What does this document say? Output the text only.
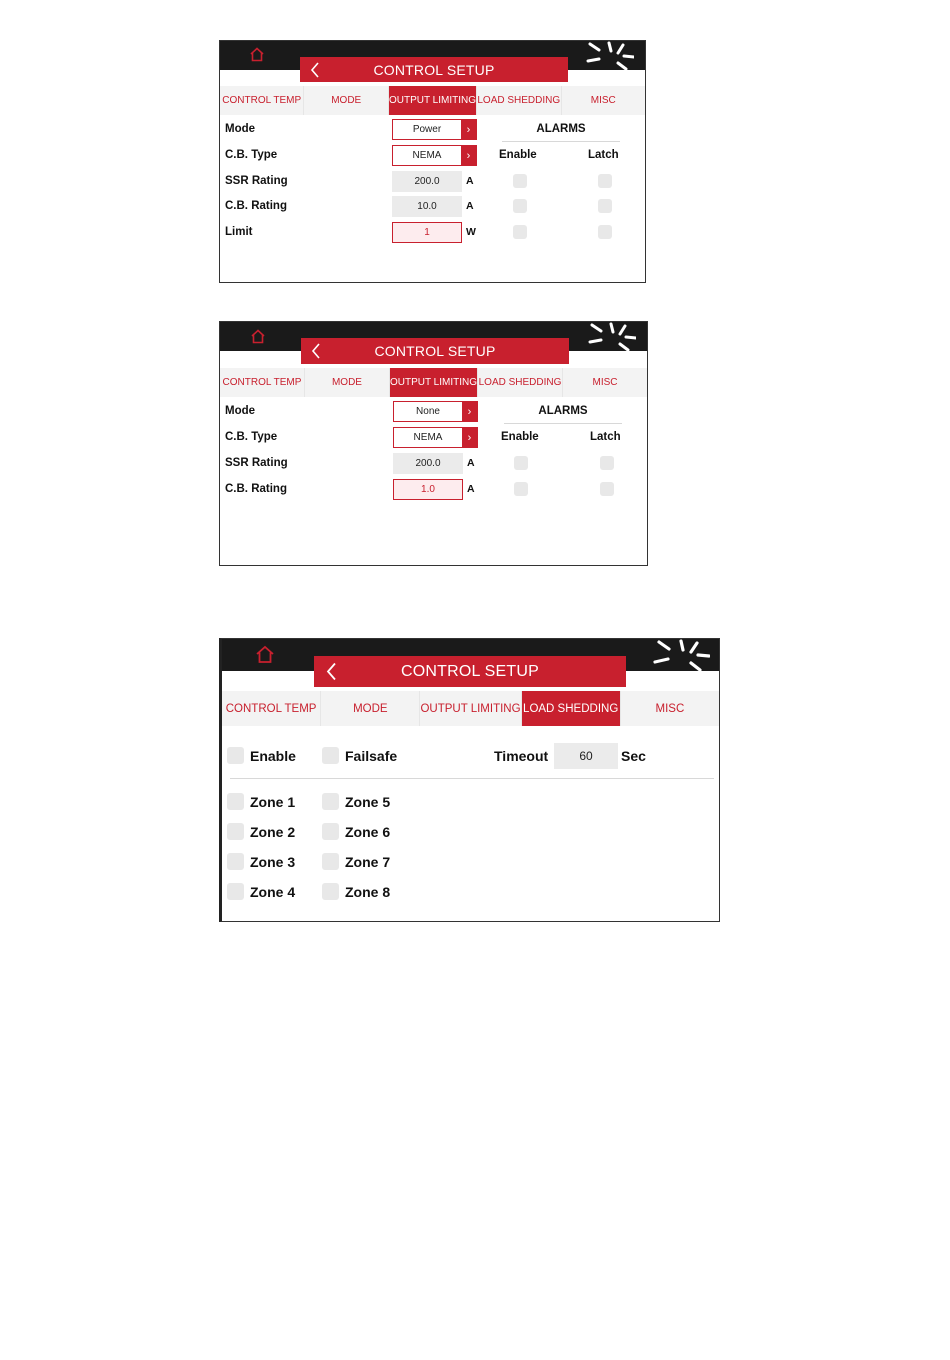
CONTROL SETUP
CONTROL TEMP	MODE	OUTPUT LIMITING LOAD SHEDDING	MISC
Mode	Power	›
C.B. Type	NEMA	›
SSR Rating	200.0	A
C.B. Rating	10.0	A
Limit	1	W
ALARMS
Enable	Latch
CONTROL SETUP
CONTROL TEMP	MODE	OUTPUT LIMITING LOAD SHEDDING	MISC
Mode	None	›
C.B. Type	NEMA	›
SSR Rating	200.0	A
C.B. Rating	1.0	A
ALARMS
Enable	Latch
CONTROL SETUP
CONTROL TEMP	MODE	OUTPUT LIMITING LOAD SHEDDING	MISC
Enable	Failsafe	Timeout	60	Sec
Zone 1
Zone 2
Zone 3
Zone 4
Zone 5
Zone 6
Zone 7
Zone 8
